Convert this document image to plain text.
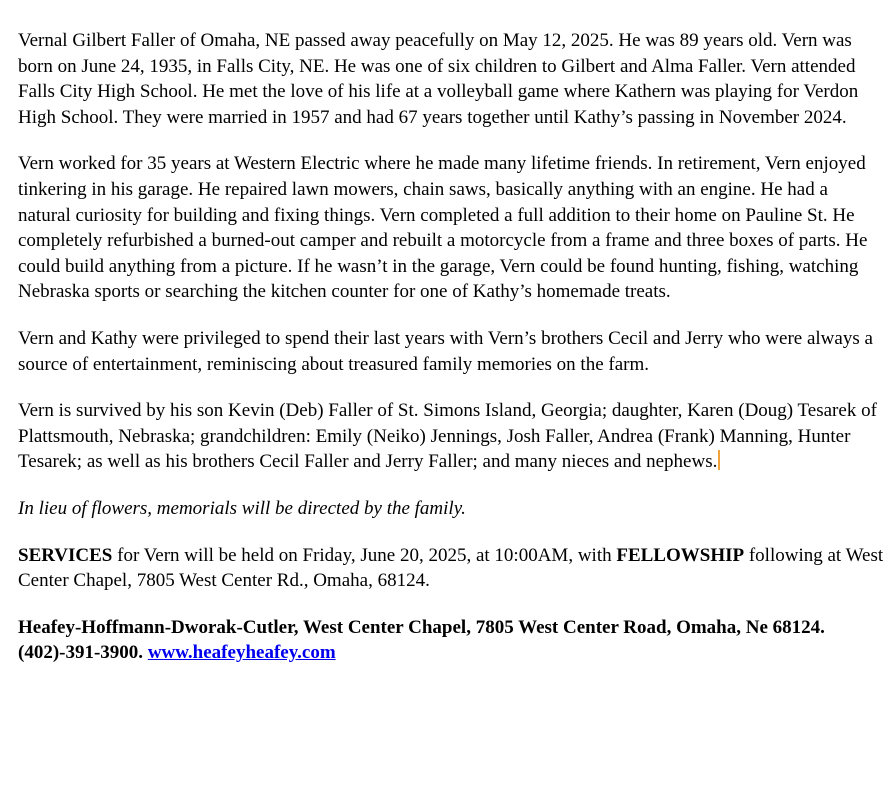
Vernal Gilbert Faller of Omaha, NE passed away peacefully on May 12, 2025. He was 89 years old. Vern was born on June 24, 1935, in Falls City, NE. He was one of six children to Gilbert and Alma Faller. Vern attended Falls City High School. He met the love of his life at a volleyball game where Kathern was playing for Verdon High School. They were married in 1957 and had 67 years together until Kathy’s passing in November 2024.

Vern worked for 35 years at Western Electric where he made many lifetime friends. In retirement, Vern enjoyed tinkering in his garage. He repaired lawn mowers, chain saws, basically anything with an engine. He had a natural curiosity for building and fixing things. Vern completed a full addition to their home on Pauline St. He completely refurbished a burned-out camper and rebuilt a motorcycle from a frame and three boxes of parts. He could build anything from a picture. If he wasn’t in the garage, Vern could be found hunting, fishing, watching Nebraska sports or searching the kitchen counter for one of Kathy’s homemade treats.

Vern and Kathy were privileged to spend their last years with Vern’s brothers Cecil and Jerry who were always a source of entertainment, reminiscing about treasured family memories on the farm.

Vern is survived by his son Kevin (Deb) Faller of St. Simons Island, Georgia; daughter, Karen (Doug) Tesarek of Plattsmouth, Nebraska; grandchildren: Emily (Neiko) Jennings, Josh Faller, Andrea (Frank) Manning, Hunter Tesarek; as well as his brothers Cecil Faller and Jerry Faller; and many nieces and nephews.

In lieu of flowers, memorials will be directed by the family.

SERVICES for Vern will be held on Friday, June 20, 2025, at 10:00AM, with FELLOWSHIP following at West Center Chapel, 7805 West Center Rd., Omaha, 68124.

Heafey-Hoffmann-Dworak-Cutler, West Center Chapel, 7805 West Center Road, Omaha, Ne 68124. (402)-391-3900. www.heafeyheafey.com
